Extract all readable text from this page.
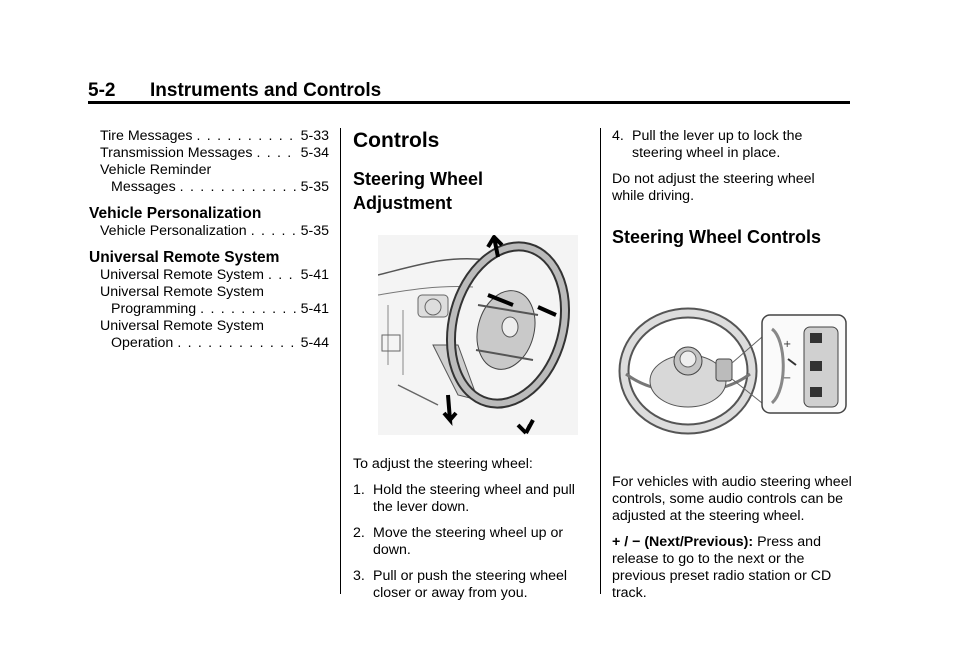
5-2 Instruments and Controls
Tire Messages . . .	5-33
Transmission Messages . . .	5-34
Vehicle Reminder
Messages . . .	5-35
Vehicle Personalization
Vehicle Personalization . . .	5-35
Universal Remote System
Universal Remote System . . .	5-41
Universal Remote System
Programming . . .	5-41
Universal Remote System
Operation . . .	5-44
Controls
Steering Wheel Adjustment

To adjust the steering wheel:

1. Hold the steering wheel and pull the lever down.
2. Move the steering wheel up or down.
3. Pull or push the steering wheel closer or away from you.
4. Pull the lever up to lock the steering wheel in place.

Do not adjust the steering wheel while driving.

Steering Wheel Controls
+
−

For vehicles with audio steering wheel controls, some audio controls can be adjusted at the steering wheel.

+ / − (Next/Previous): Press and release to go to the next or the previous preset radio station or CD track.
